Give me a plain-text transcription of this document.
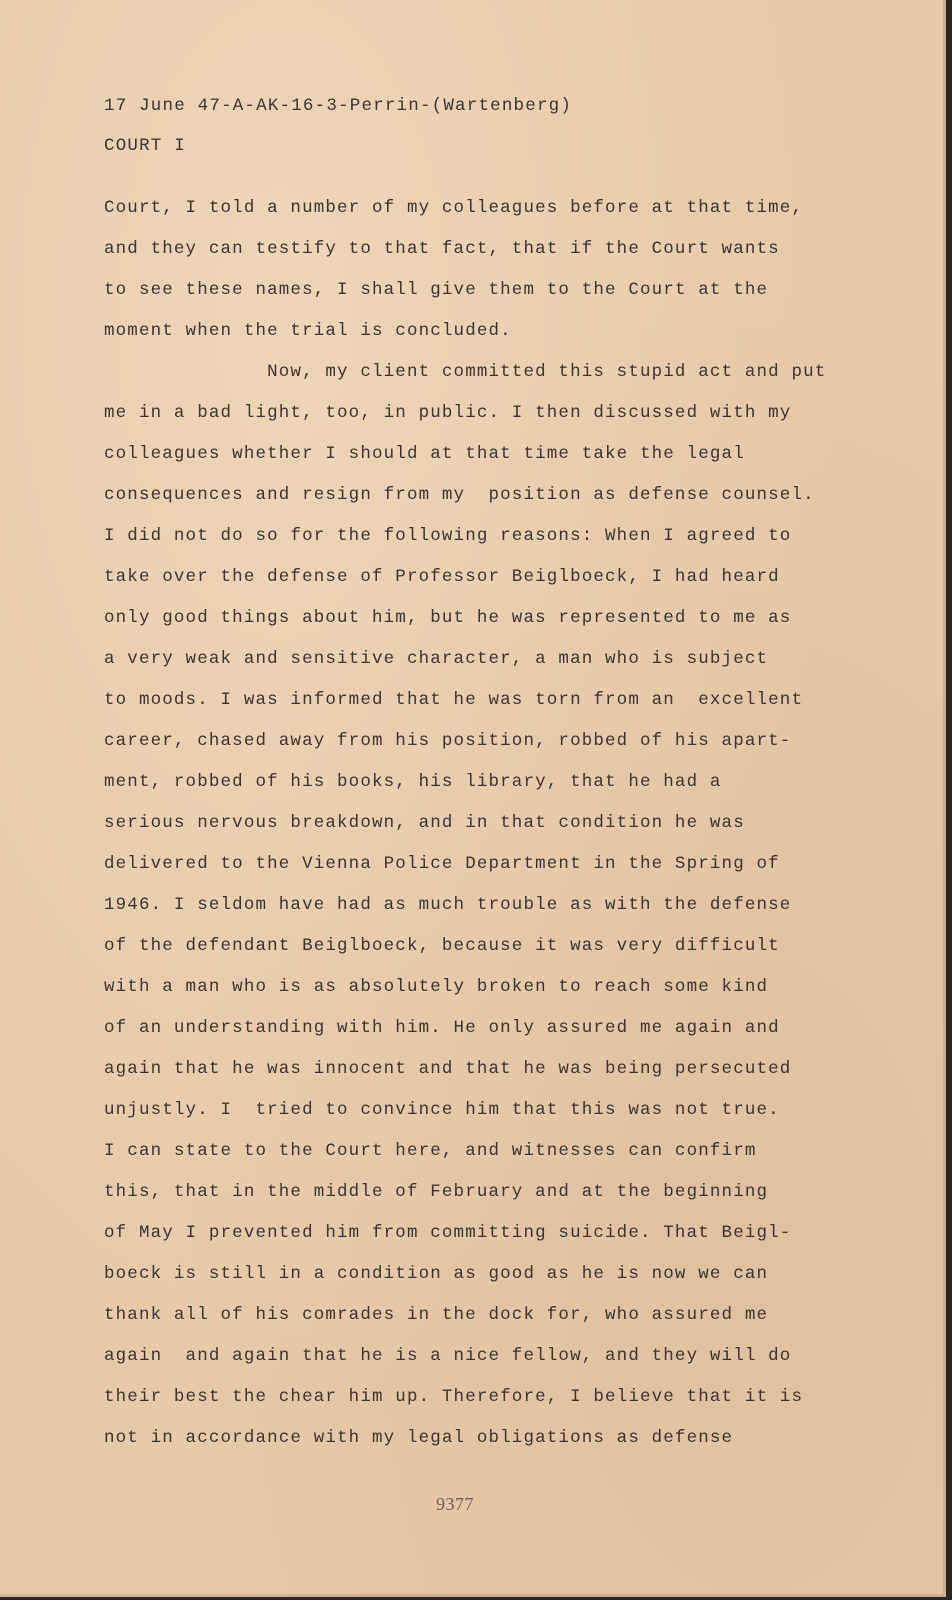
17 June 47-A-AK-16-3-Perrin-(Wartenberg)
COURT I
Court, I told a number of my colleagues before at that time,
and they can testify to that fact, that if the Court wants
to see these names, I shall give them to the Court at the
moment when the trial is concluded.
Now, my client committed this stupid act and put
me in a bad light, too, in public. I then discussed with my
colleagues whether I should at that time take the legal
consequences and resign from my  position as defense counsel.
I did not do so for the following reasons: When I agreed to
take over the defense of Professor Beiglboeck, I had heard
only good things about him, but he was represented to me as
a very weak and sensitive character, a man who is subject
to moods. I was informed that he was torn from an  excellent
career, chased away from his position, robbed of his apart-
ment, robbed of his books, his library, that he had a
serious nervous breakdown, and in that condition he was
delivered to the Vienna Police Department in the Spring of
1946. I seldom have had as much trouble as with the defense
of the defendant Beiglboeck, because it was very difficult
with a man who is as absolutely broken to reach some kind
of an understanding with him. He only assured me again and
again that he was innocent and that he was being persecuted
unjustly. I  tried to convince him that this was not true.
I can state to the Court here, and witnesses can confirm
this, that in the middle of February and at the beginning
of May I prevented him from committing suicide. That Beigl-
boeck is still in a condition as good as he is now we can
thank all of his comrades in the dock for, who assured me
again  and again that he is a nice fellow, and they will do
their best the chear him up. Therefore, I believe that it is
not in accordance with my legal obligations as defense
9377
